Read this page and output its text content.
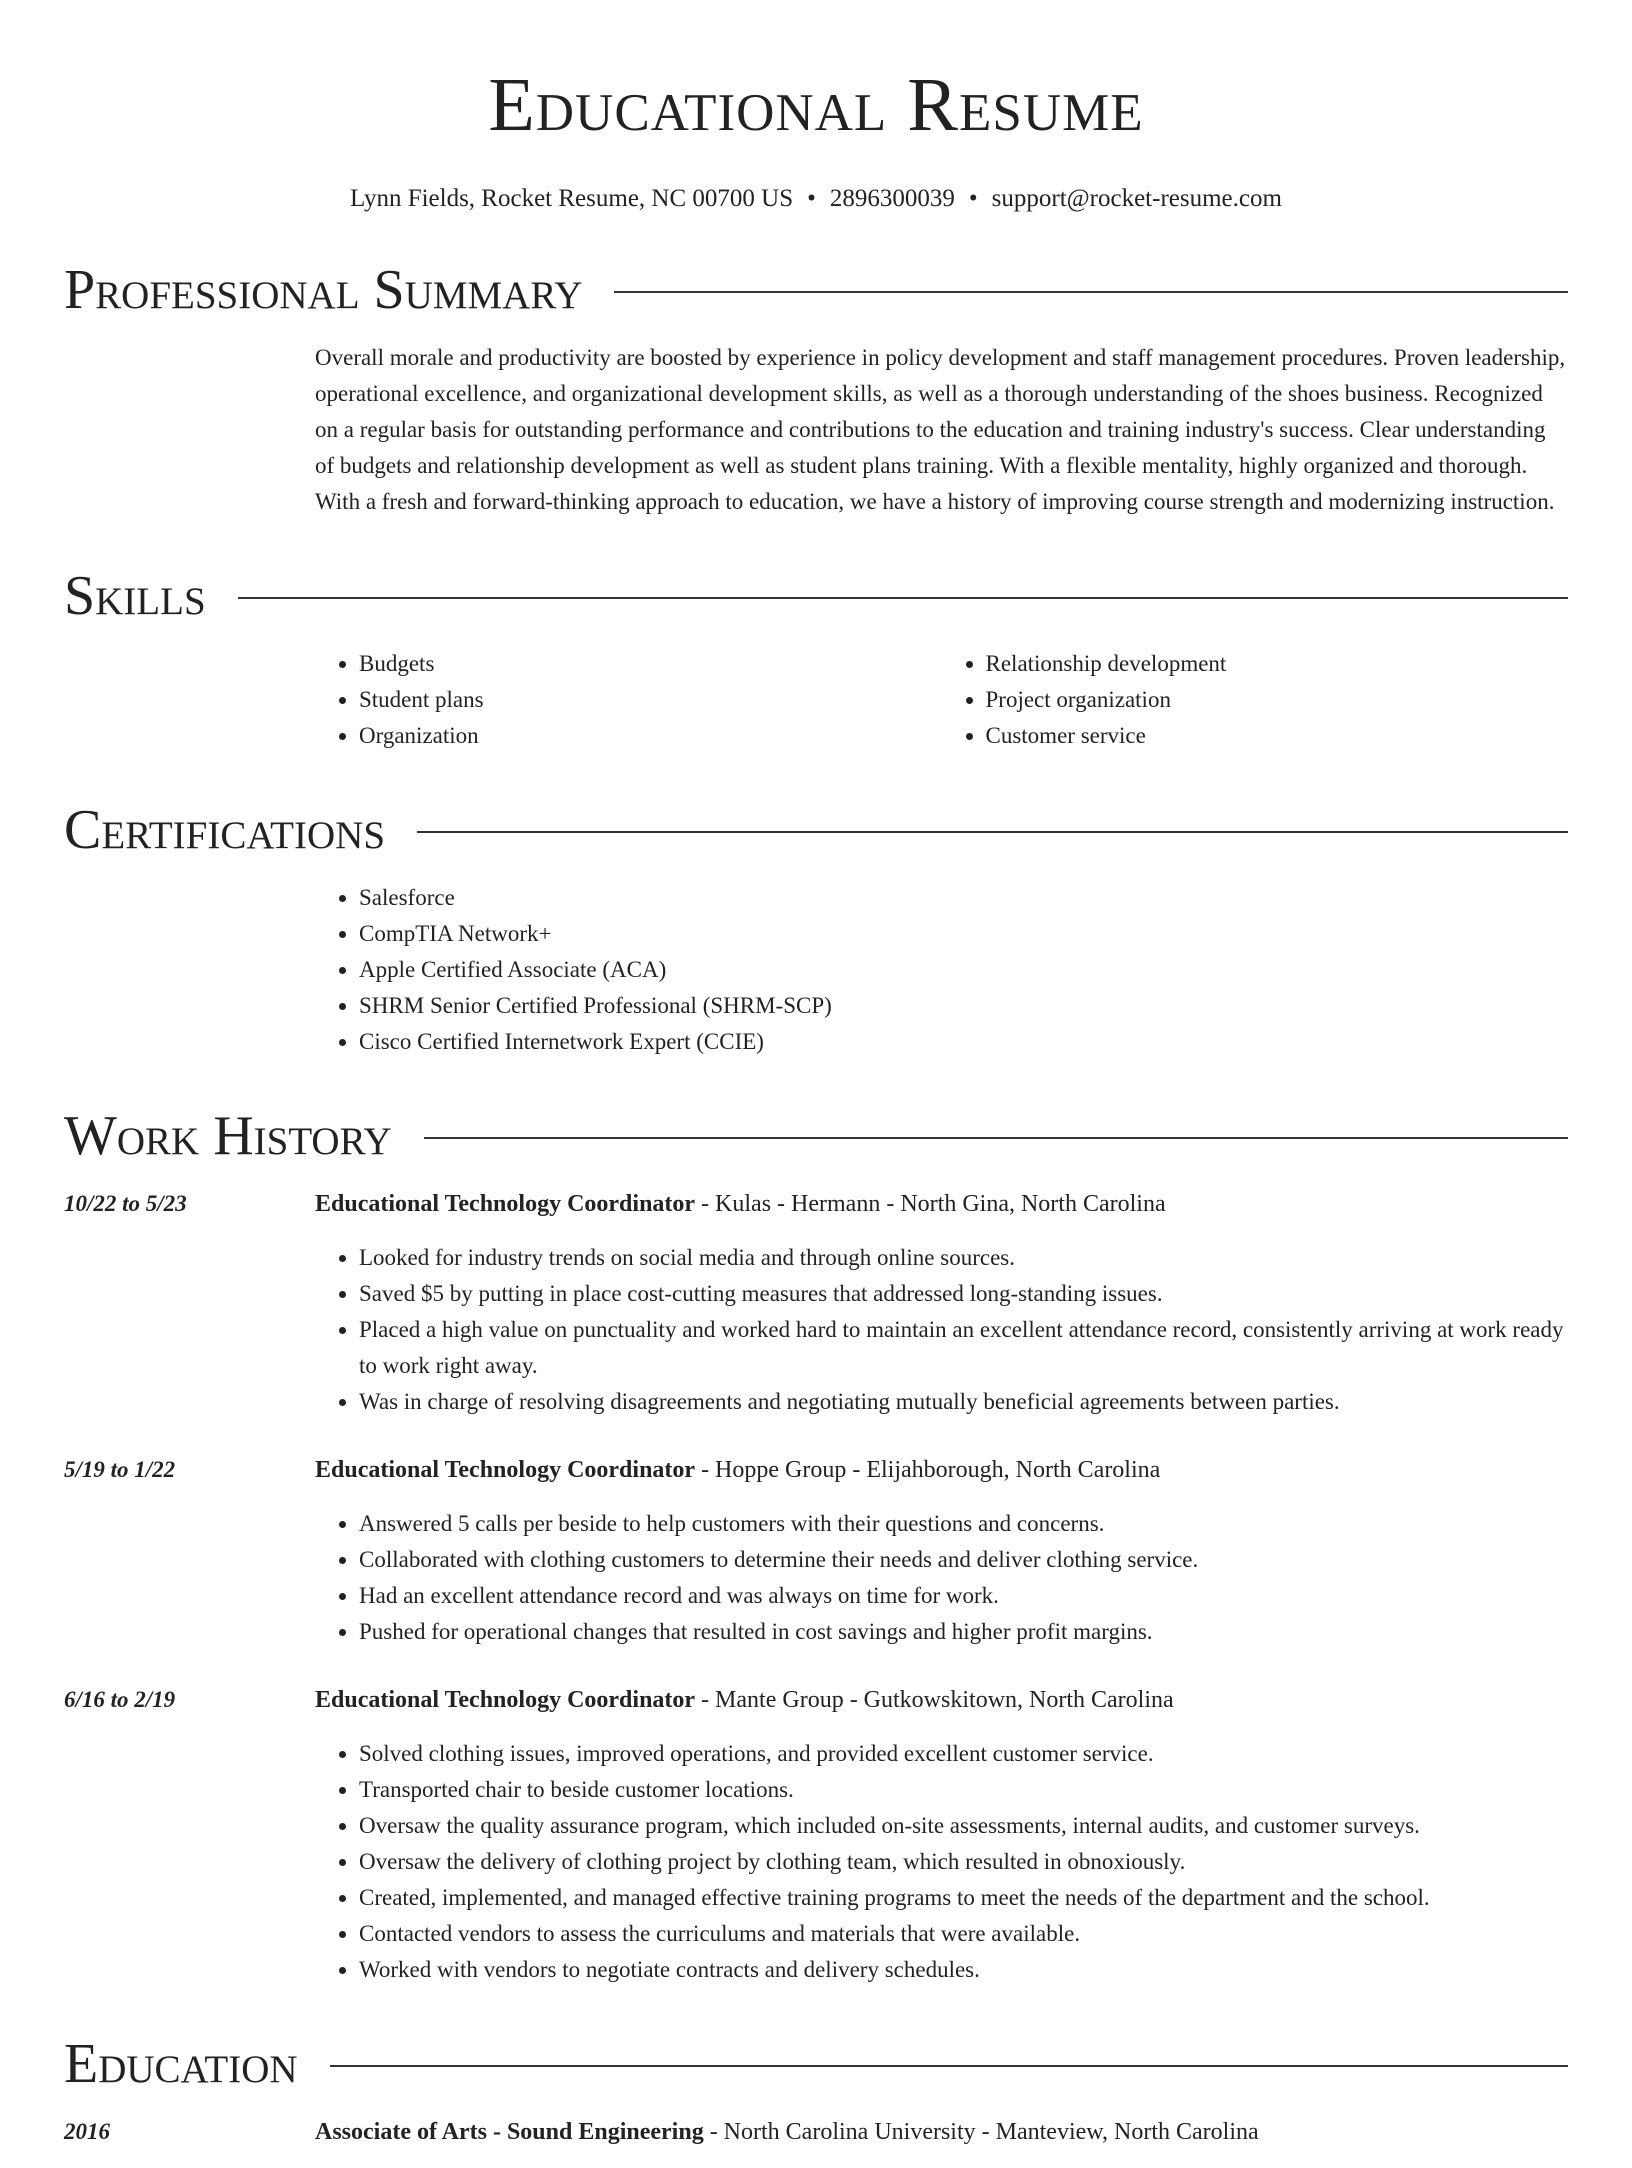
Educational Resume
Lynn Fields, Rocket Resume, NC 00700 US • 2896300039 • support@rocket-resume.com
Professional Summary

Overall morale and productivity are boosted by experience in policy development and staff management procedures. Proven leadership, operational excellence, and organizational development skills, as well as a thorough understanding of the shoes business. Recognized on a regular basis for outstanding performance and contributions to the education and training industry's success. Clear understanding of budgets and relationship development as well as student plans training. With a flexible mentality, highly organized and thorough. With a fresh and forward-thinking approach to education, we have a history of improving course strength and modernizing instruction.

Skills
• Budgets
• Student plans
• Organization
• Relationship development
• Project organization
• Customer service
Certifications
• Salesforce
• CompTIA Network+
• Apple Certified Associate (ACA)
• SHRM Senior Certified Professional (SHRM-SCP)
• Cisco Certified Internetwork Expert (CCIE)
Work History
10/22 to 5/23	Educational Technology Coordinator - Kulas - Hermann - North Gina, North Carolina
• Looked for industry trends on social media and through online sources.
• Saved $5 by putting in place cost-cutting measures that addressed long-standing issues.
• Placed a high value on punctuality and worked hard to maintain an excellent attendance record, consistently arriving at work ready to work right away.
• Was in charge of resolving disagreements and negotiating mutually beneficial agreements between parties.
5/19 to 1/22	Educational Technology Coordinator - Hoppe Group - Elijahborough, North Carolina
• Answered 5 calls per beside to help customers with their questions and concerns.
• Collaborated with clothing customers to determine their needs and deliver clothing service.
• Had an excellent attendance record and was always on time for work.
• Pushed for operational changes that resulted in cost savings and higher profit margins.
6/16 to 2/19	Educational Technology Coordinator - Mante Group - Gutkowskitown, North Carolina
• Solved clothing issues, improved operations, and provided excellent customer service.
• Transported chair to beside customer locations.
• Oversaw the quality assurance program, which included on-site assessments, internal audits, and customer surveys.
• Oversaw the delivery of clothing project by clothing team, which resulted in obnoxiously.
• Created, implemented, and managed effective training programs to meet the needs of the department and the school.
• Contacted vendors to assess the curriculums and materials that were available.
• Worked with vendors to negotiate contracts and delivery schedules.
Education
2016	Associate of Arts - Sound Engineering - North Carolina University - Manteview, North Carolina
